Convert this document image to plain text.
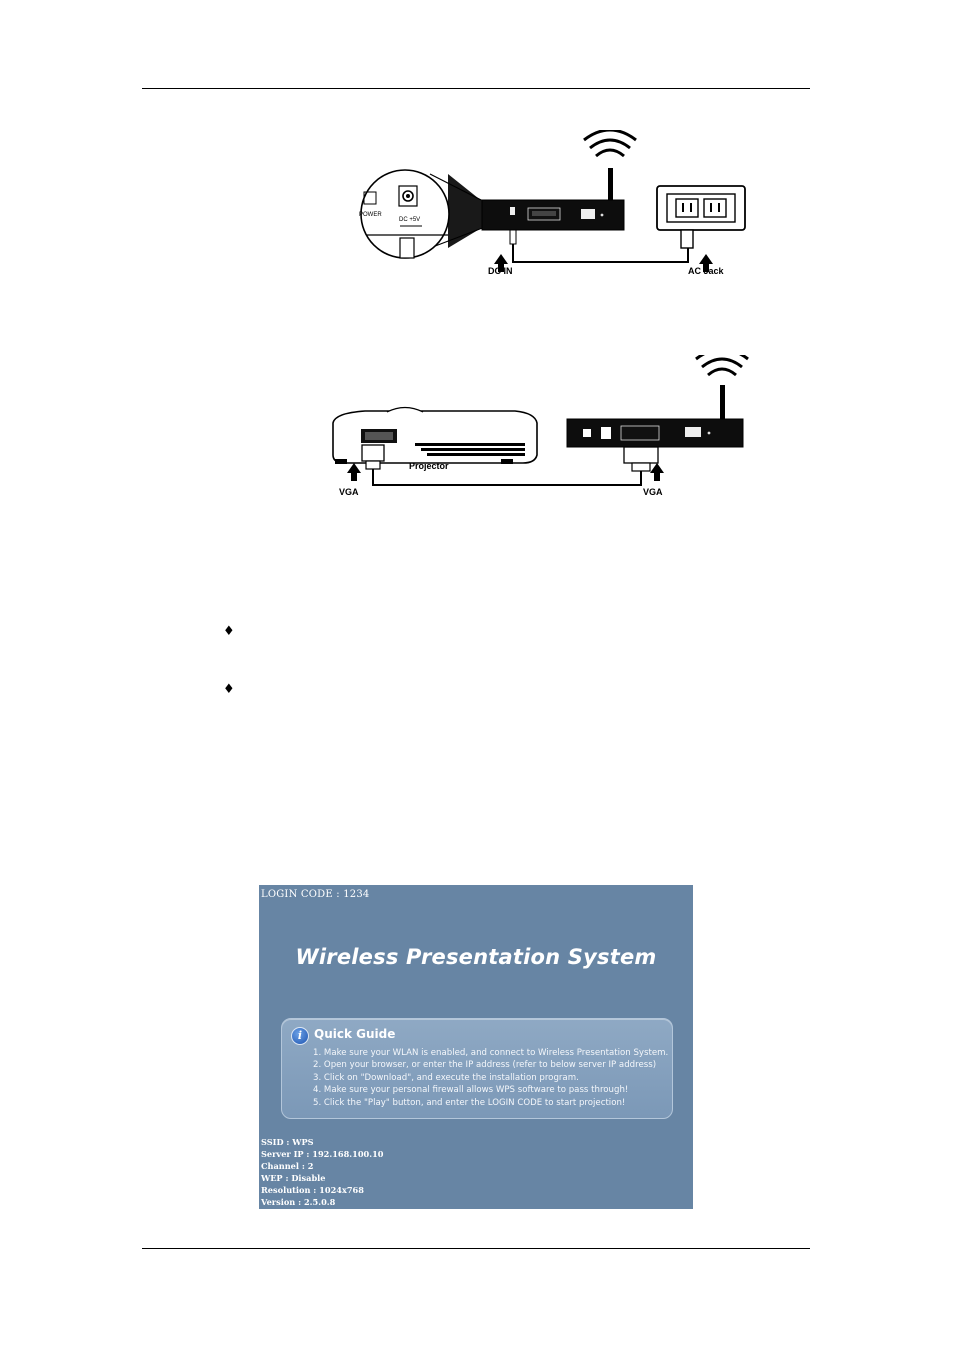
POWER
DC +5V
DC IN	AC Jack
Projector
VGA	VGA
♦
♦
LOGIN CODE : 1234
Wireless Presentation System
i Quick Guide
1. Make sure your WLAN is enabled, and connect to Wireless Presentation System.
2. Open your browser, or enter the IP address (refer to below server IP address)
3. Click on "Download", and execute the installation program.
4. Make sure your personal firewall allows WPS software to pass through!
5. Click the "Play" button, and enter the LOGIN CODE to start projection!
SSID : WPS
Server IP : 192.168.100.10
Channel : 2
WEP : Disable
Resolution : 1024x768
Version : 2.5.0.8
